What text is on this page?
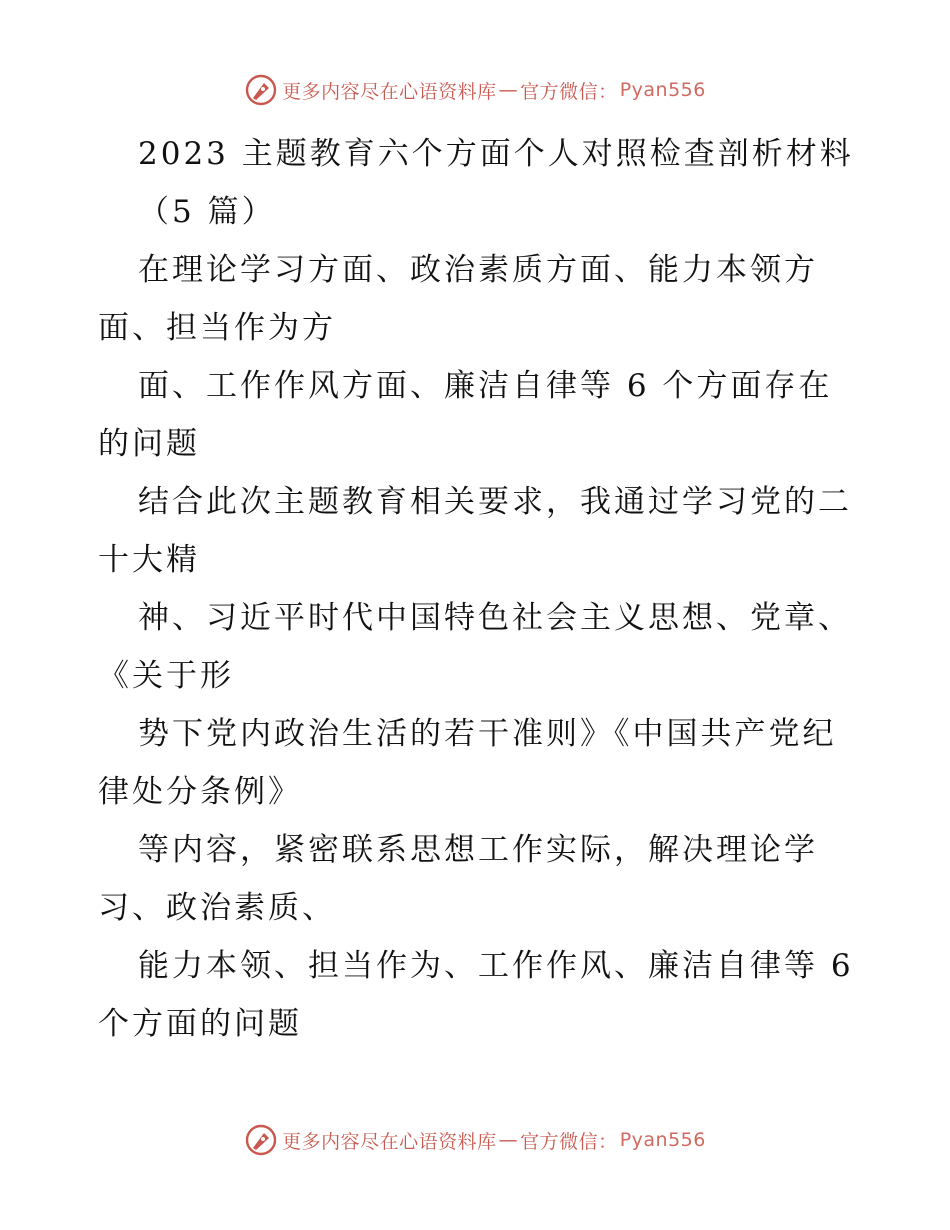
更多内容尽在心语资料库 — 官方微信： Pyan556
2023 主题教育六个方面个人对照检查剖析材料
（5 篇）
在理论学习方面、政治素质方面、能力本领方
面、担当作为方
面、工作作风方面、廉洁自律等 6 个方面存在
的问题
结合此次主题教育相关要求，我通过学习党的二
十大精
神、习近平时代中国特色社会主义思想、党章、
《关于形
势下党内政治生活的若干准则》《中国共产党纪
律处分条例》
等内容，紧密联系思想工作实际，解决理论学
习、政治素质、
能力本领、担当作为、工作作风、廉洁自律等 6
个方面的问题
更多内容尽在心语资料库 — 官方微信： Pyan556
